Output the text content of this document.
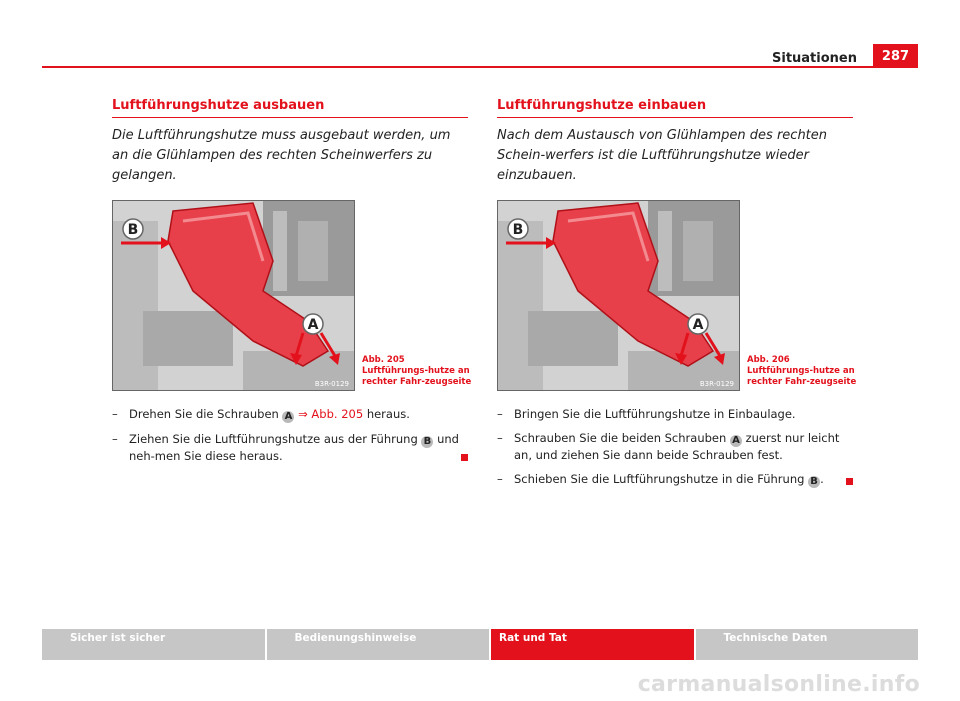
Situationen	287
Luftführungshutze ausbauen
Die Luftführungshutze muss ausgebaut werden, um an die Glühlampen des rechten Scheinwerfers zu gelangen.
B
A
B3R-0129
Abb. 205 Luftführungs-hutze an rechter Fahr-zeugseite
– Drehen Sie die Schrauben A ⇒ Abb. 205 heraus.
– Ziehen Sie die Luftführungshutze aus der Führung B und neh-men Sie diese heraus.
Luftführungshutze einbauen
Nach dem Austausch von Glühlampen des rechten Schein-werfers ist die Luftführungshutze wieder einzubauen.
B
A
B3R-0129
Abb. 206 Luftführungs-hutze an rechter Fahr-zeugseite
– Bringen Sie die Luftführungshutze in Einbaulage.
– Schrauben Sie die beiden Schrauben A zuerst nur leicht an, und ziehen Sie dann beide Schrauben fest.
– Schieben Sie die Luftführungshutze in die Führung B .
Sicher ist sicher	Bedienungshinweise	Rat und Tat	Technische Daten
carmanualsonline.info
